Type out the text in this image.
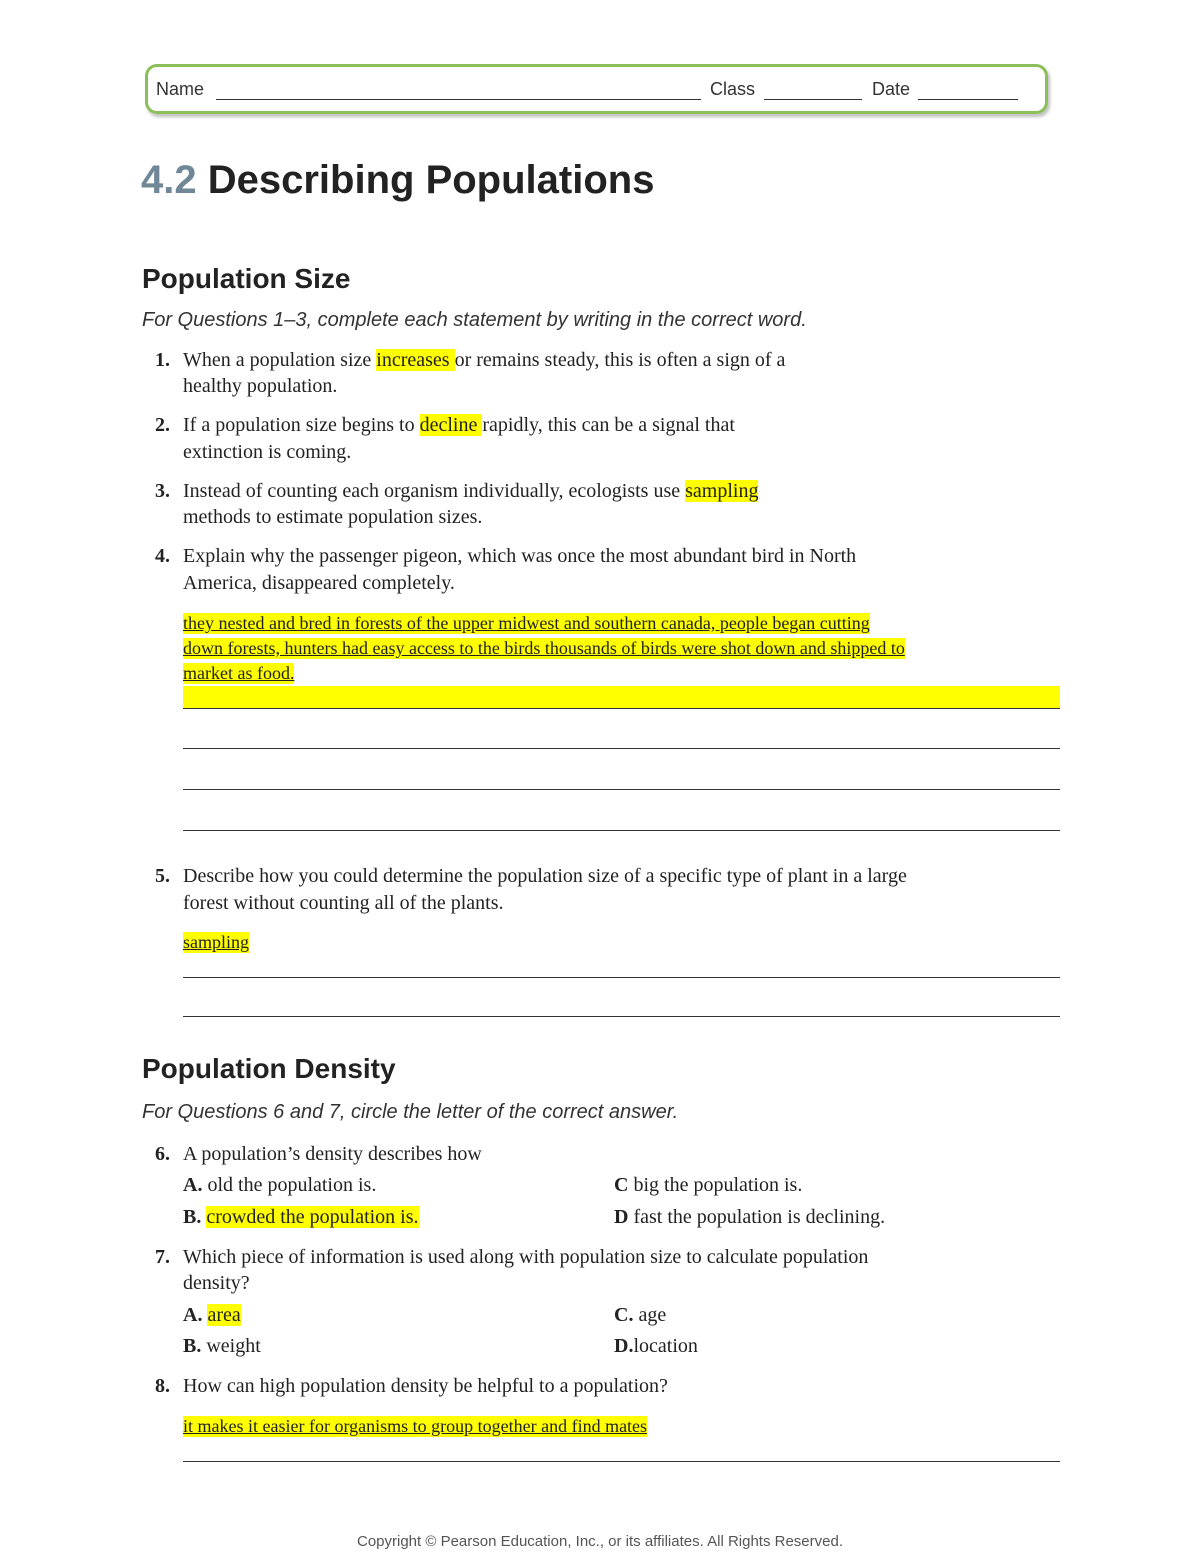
Name	Class	Date
4.2 Describing Populations
Population Size
For Questions 1–3, complete each statement by writing in the correct word.
1. When a population size increases or remains steady, this is often a sign of a
healthy population.
2. If a population size begins to decline rapidly, this can be a signal that
extinction is coming.
3. Instead of counting each organism individually, ecologists use sampling
methods to estimate population sizes.
4. Explain why the passenger pigeon, which was once the most abundant bird in North
America, disappeared completely.
they nested and bred in forests of the upper midwest and southern canada, people began cutting
down forests, hunters had easy access to the birds thousands of birds were shot down and shipped to
market as food.
5. Describe how you could determine the population size of a specific type of plant in a large
forest without counting all of the plants.
sampling
Population Density
For Questions 6 and 7, circle the letter of the correct answer.
6. A population’s density describes how
A. old the population is.
B. crowded the population is.
C big the population is.
D fast the population is declining.
7. Which piece of information is used along with population size to calculate population
density?
A. area
B. weight
C. age
D.location
8. How can high population density be helpful to a population?
it makes it easier for organisms to group together and find mates
Copyright © Pearson Education, Inc., or its affiliates. All Rights Reserved.
